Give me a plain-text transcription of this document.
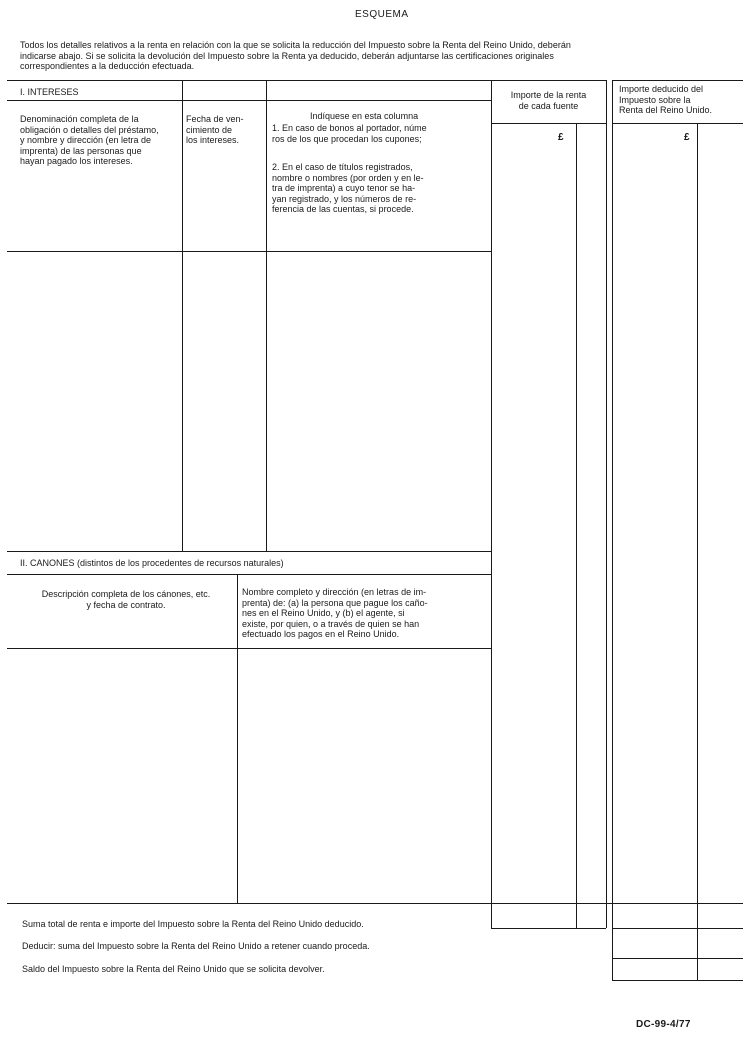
ESQUEMA
Todos los detalles relativos a la renta en relación con la que se solicita la reducción del Impuesto sobre la Renta del Reino Unido, deberán
indicarse abajo. Si se solicita la devolución del Impuesto sobre la Renta ya deducido, deberán adjuntarse las certificaciones originales
correspondientes a la deducción efectuada.
I. INTERESES
Denominación completa de la
obligación o detalles del préstamo,
y nombre y dirección (en letra de
imprenta) de las personas que
hayan pagado los intereses.
Fecha de ven-
cimiento de
los intereses.
Indíquese en esta columna
1. En caso de bonos al portador, núme
ros de los que procedan los cupones;
2. En el caso de títulos registrados,
nombre o nombres (por orden y en le-
tra de imprenta) a cuyo tenor se ha-
yan registrado, y los números de re-
ferencia de las cuentas, si procede.
Importe de la renta
de cada fuente
£
Importe deducido del
Impuesto sobre la
Renta del Reino Unido.
£
II. CANONES (distintos de los procedentes de recursos naturales)
Descripción completa de los cánones, etc.
y fecha de contrato.
Nombre completo y dirección (en letras de im-
prenta) de: (a) la persona que pague los caño-
nes en el Reino Unido, y (b) el agente, si
existe, por quien, o a través de quien se han
efectuado los pagos en el Reino Unido.
Suma total de renta e importe del Impuesto sobre la Renta del Reino Unido deducido.
Deducir: suma del Impuesto sobre la Renta del Reino Unido a retener cuando proceda.
Saldo del Impuesto sobre la Renta del Reino Unido que se solicita devolver.
DC-99-4/77
